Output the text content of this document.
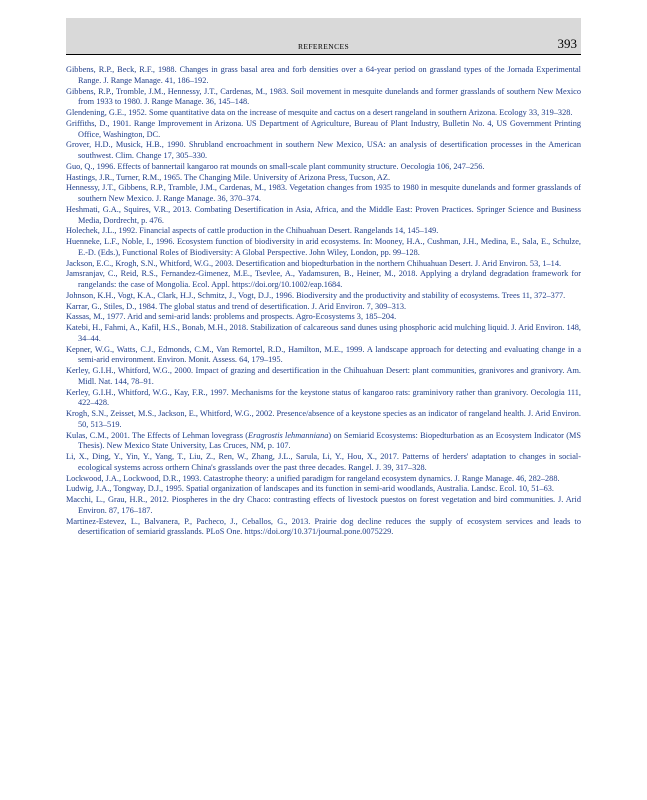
REFERENCES	393
Gibbens, R.P., Beck, R.F., 1988. Changes in grass basal area and forb densities over a 64-year period on grassland types of the Jornada Experimental Range. J. Range Manage. 41, 186–192.
Gibbens, R.P., Tromble, J.M., Hennessy, J.T., Cardenas, M., 1983. Soil movement in mesquite dunelands and former grasslands of southern New Mexico from 1933 to 1980. J. Range Manage. 36, 145–148.
Glendening, G.E., 1952. Some quantitative data on the increase of mesquite and cactus on a desert rangeland in southern Arizona. Ecology 33, 319–328.
Griffiths, D., 1901. Range Improvement in Arizona. US Department of Agriculture, Bureau of Plant Industry, Bulletin No. 4, US Government Printing Office, Washington, DC.
Grover, H.D., Musick, H.B., 1990. Shrubland encroachment in southern New Mexico, USA: an analysis of desertification processes in the American southwest. Clim. Change 17, 305–330.
Guo, Q., 1996. Effects of bannertail kangaroo rat mounds on small-scale plant community structure. Oecologia 106, 247–256.
Hastings, J.R., Turner, R.M., 1965. The Changing Mile. University of Arizona Press, Tucson, AZ.
Hennessy, J.T., Gibbens, R.P., Tramble, J.M., Cardenas, M., 1983. Vegetation changes from 1935 to 1980 in mesquite dunelands and former grasslands of southern New Mexico. J. Range Manage. 36, 370–374.
Heshmati, G.A., Squires, V.R., 2013. Combating Desertification in Asia, Africa, and the Middle East: Proven Practices. Springer Science and Business Media, Dordrecht, p. 476.
Holechek, J.L., 1992. Financial aspects of cattle production in the Chihuahuan Desert. Rangelands 14, 145–149.
Huenneke, L.F., Noble, I., 1996. Ecosystem function of biodiversity in arid ecosystems. In: Mooney, H.A., Cushman, J.H., Medina, E., Sala, E., Schulze, E.-D. (Eds.), Functional Roles of Biodiversity: A Global Perspective. John Wiley, London, pp. 99–128.
Jackson, E.C., Krogh, S.N., Whitford, W.G., 2003. Desertification and biopedturbation in the northern Chihuahuan Desert. J. Arid Environ. 53, 1–14.
Jamsranjav, C., Reid, R.S., Fernandez-Gimenez, M.E., Tsevlee, A., Yadamsuren, B., Heiner, M., 2018. Applying a dryland degradation framework for rangelands: the case of Mongolia. Ecol. Appl. https://doi.org/10.1002/eap.1684.
Johnson, K.H., Vogt, K.A., Clark, H.J., Schmitz, J., Vogt, D.J., 1996. Biodiversity and the productivity and stability of ecosystems. Trees 11, 372–377.
Karrar, G., Stiles, D., 1984. The global status and trend of desertification. J. Arid Environ. 7, 309–313.
Kassas, M., 1977. Arid and semi-arid lands: problems and prospects. Agro-Ecosystems 3, 185–204.
Katebi, H., Fahmi, A., Kafil, H.S., Bonab, M.H., 2018. Stabilization of calcareous sand dunes using phosphoric acid mulching liquid. J. Arid Environ. 148, 34–44.
Kepner, W.G., Watts, C.J., Edmonds, C.M., Van Remortel, R.D., Hamilton, M.E., 1999. A landscape approach for detecting and evaluating change in a semi-arid environment. Environ. Monit. Assess. 64, 179–195.
Kerley, G.I.H., Whitford, W.G., 2000. Impact of grazing and desertification in the Chihuahuan Desert: plant communities, granivores and granivory. Am. Midl. Nat. 144, 78–91.
Kerley, G.I.H., Whitford, W.G., Kay, F.R., 1997. Mechanisms for the keystone status of kangaroo rats: graminivory rather than granivory. Oecologia 111, 422–428.
Krogh, S.N., Zeisset, M.S., Jackson, E., Whitford, W.G., 2002. Presence/absence of a keystone species as an indicator of rangeland health. J. Arid Environ. 50, 513–519.
Kulas, C.M., 2001. The Effects of Lehman lovegrass (Eragrostis lehmanniana) on Semiarid Ecosystems: Biopedturbation as an Ecosystem Indicator (MS Thesis). New Mexico State University, Las Cruces, NM, p. 107.
Li, X., Ding, Y., Yin, Y., Yang, T., Liu, Z., Ren, W., Zhang, J.L., Sarula, Li, Y., Hou, X., 2017. Patterns of herders' adaptation to changes in social-ecological systems across orthern China's grasslands over the past three decades. Rangel. J. 39, 317–328.
Lockwood, J.A., Lockwood, D.R., 1993. Catastrophe theory: a unified paradigm for rangeland ecosystem dynamics. J. Range Manage. 46, 282–288.
Ludwig, J.A., Tongway, D.J., 1995. Spatial organization of landscapes and its function in semi-arid woodlands, Australia. Landsc. Ecol. 10, 51–63.
Macchi, L., Grau, H.R., 2012. Piospheres in the dry Chaco: contrasting effects of livestock puestos on forest vegetation and bird communities. J. Arid Environ. 87, 176–187.
Martinez-Estevez, L., Balvanera, P., Pacheco, J., Ceballos, G., 2013. Prairie dog decline reduces the supply of ecosystem services and leads to desertification of semiarid grasslands. PLoS One. https://doi.org/10.371/journal.pone.0075229.
